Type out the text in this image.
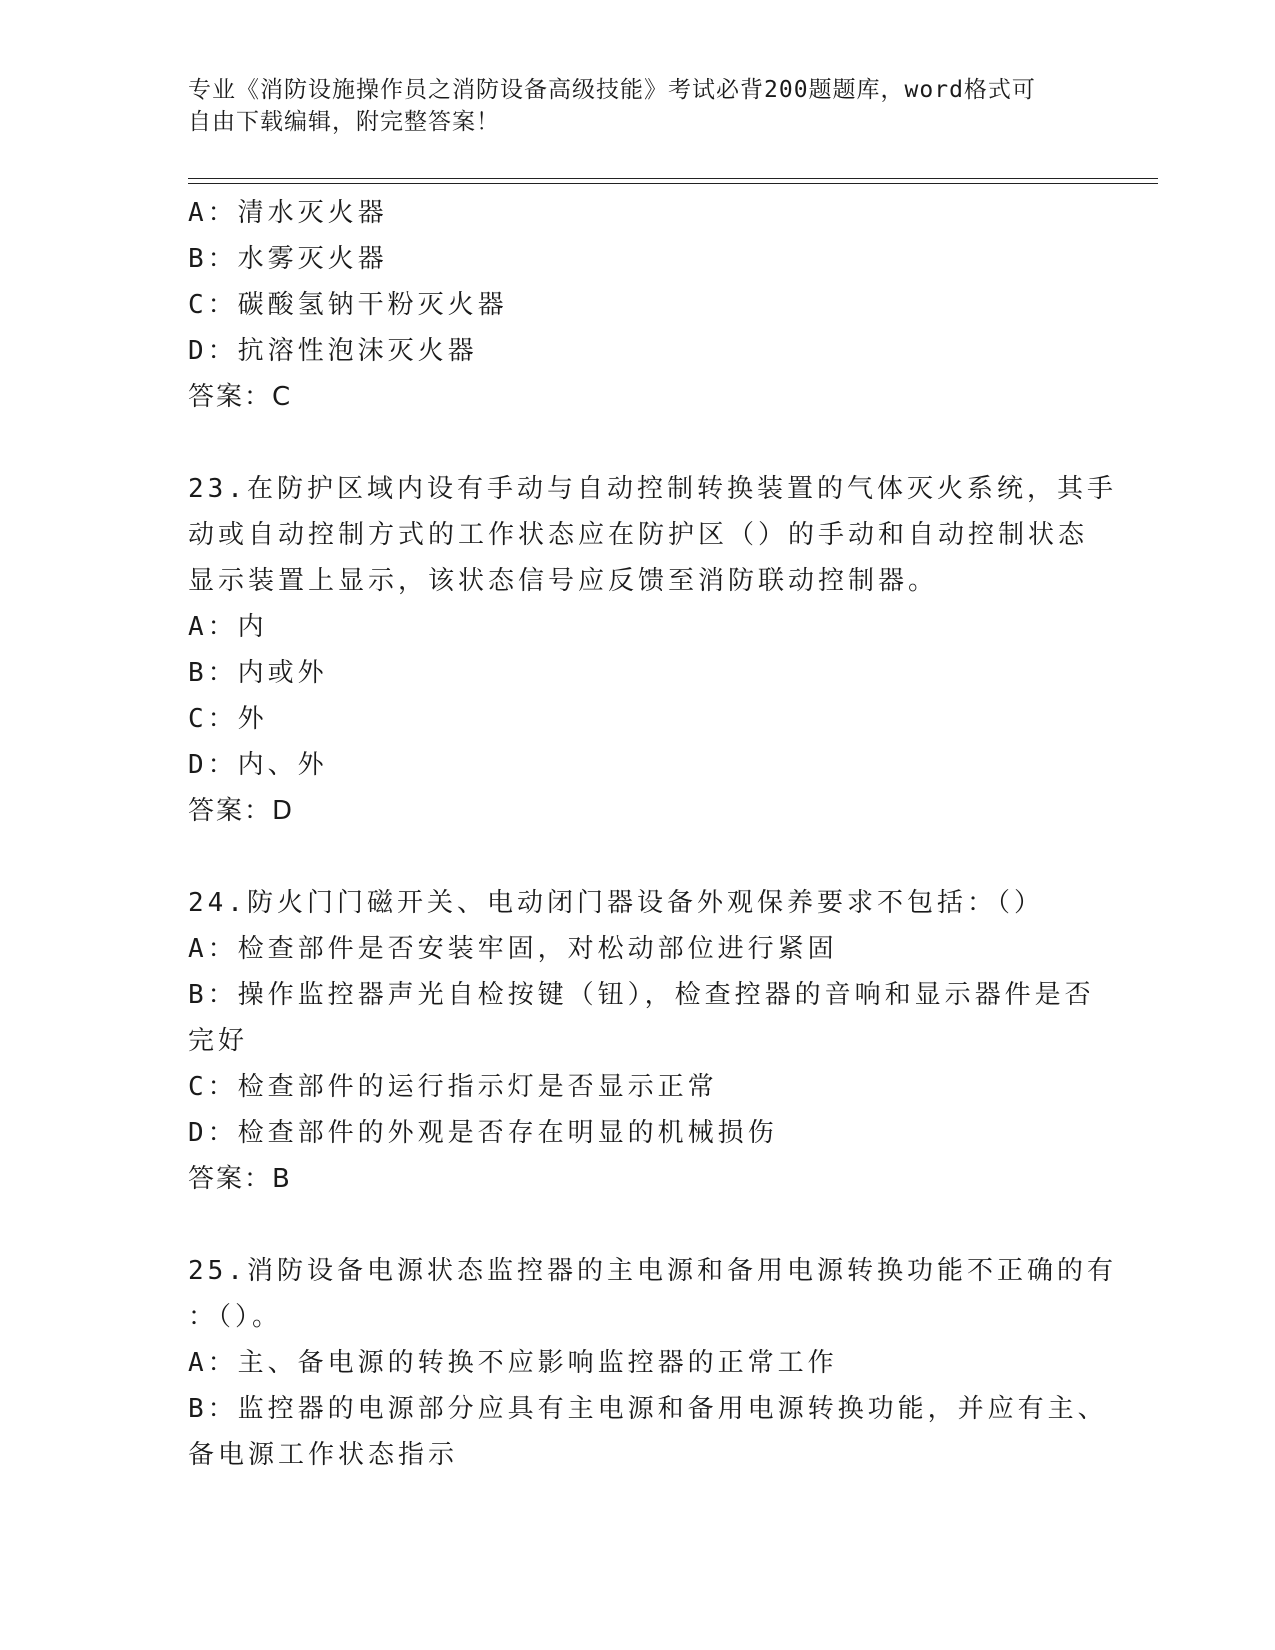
专业《消防设施操作员之消防设备高级技能》考试必背200题题库，word格式可
自由下载编辑，附完整答案！
A：清水灭火器
B：水雾灭火器
C：碳酸氢钠干粉灭火器
D：抗溶性泡沫灭火器
答案：C
23.在防护区域内设有手动与自动控制转换装置的气体灭火系统，其手
动或自动控制方式的工作状态应在防护区（）的手动和自动控制状态
显示装置上显示，该状态信号应反馈至消防联动控制器。
A：内
B：内或外
C：外
D：内、外
答案：D
24.防火门门磁开关、电动闭门器设备外观保养要求不包括：（）
A：检查部件是否安装牢固，对松动部位进行紧固
B：操作监控器声光自检按键（钮），检查控器的音响和显示器件是否
完好
C：检查部件的运行指示灯是否显示正常
D：检查部件的外观是否存在明显的机械损伤
答案：B
25.消防设备电源状态监控器的主电源和备用电源转换功能不正确的有
：（）。
A：主、备电源的转换不应影响监控器的正常工作
B：监控器的电源部分应具有主电源和备用电源转换功能，并应有主、
备电源工作状态指示
